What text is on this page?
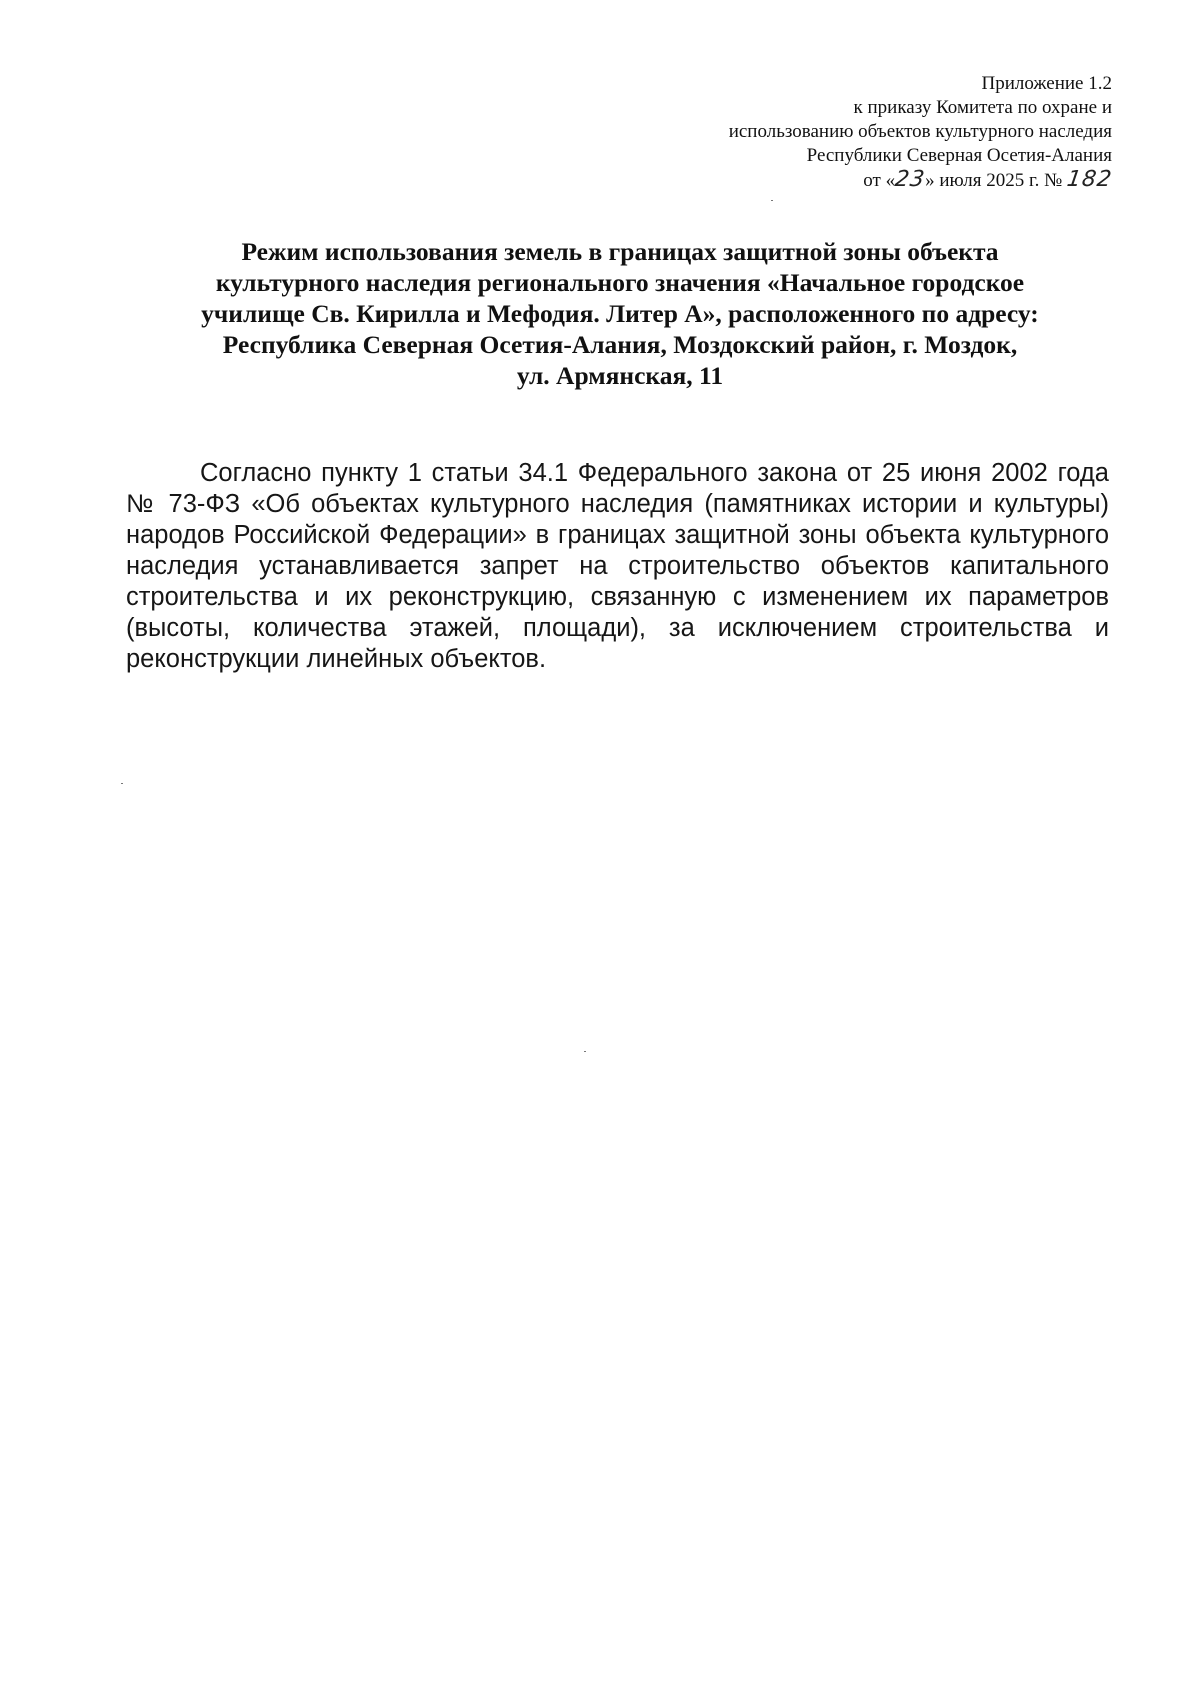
Приложение 1.2
к приказу Комитета по охране и
использованию объектов культурного наследия
Республики Северная Осетия-Алания
от «23» июля 2025 г. № 182
Режим использования земель в границах защитной зоны объекта
культурного наследия регионального значения «Начальное городское
училище Св. Кирилла и Мефодия. Литер А», расположенного по адресу:
Республика Северная Осетия-Алания, Моздокский район, г. Моздок,
ул. Армянская, 11
Согласно пункту 1 статьи 34.1 Федерального закона от 25 июня 2002 года
№ 73-ФЗ «Об объектах культурного наследия (памятниках истории и культуры)
народов Российской Федерации» в границах защитной зоны объекта культурного
наследия устанавливается запрет на строительство объектов капитального
строительства и их реконструкцию, связанную с изменением их параметров
(высоты, количества этажей, площади), за исключением строительства и
реконструкции линейных объектов.
